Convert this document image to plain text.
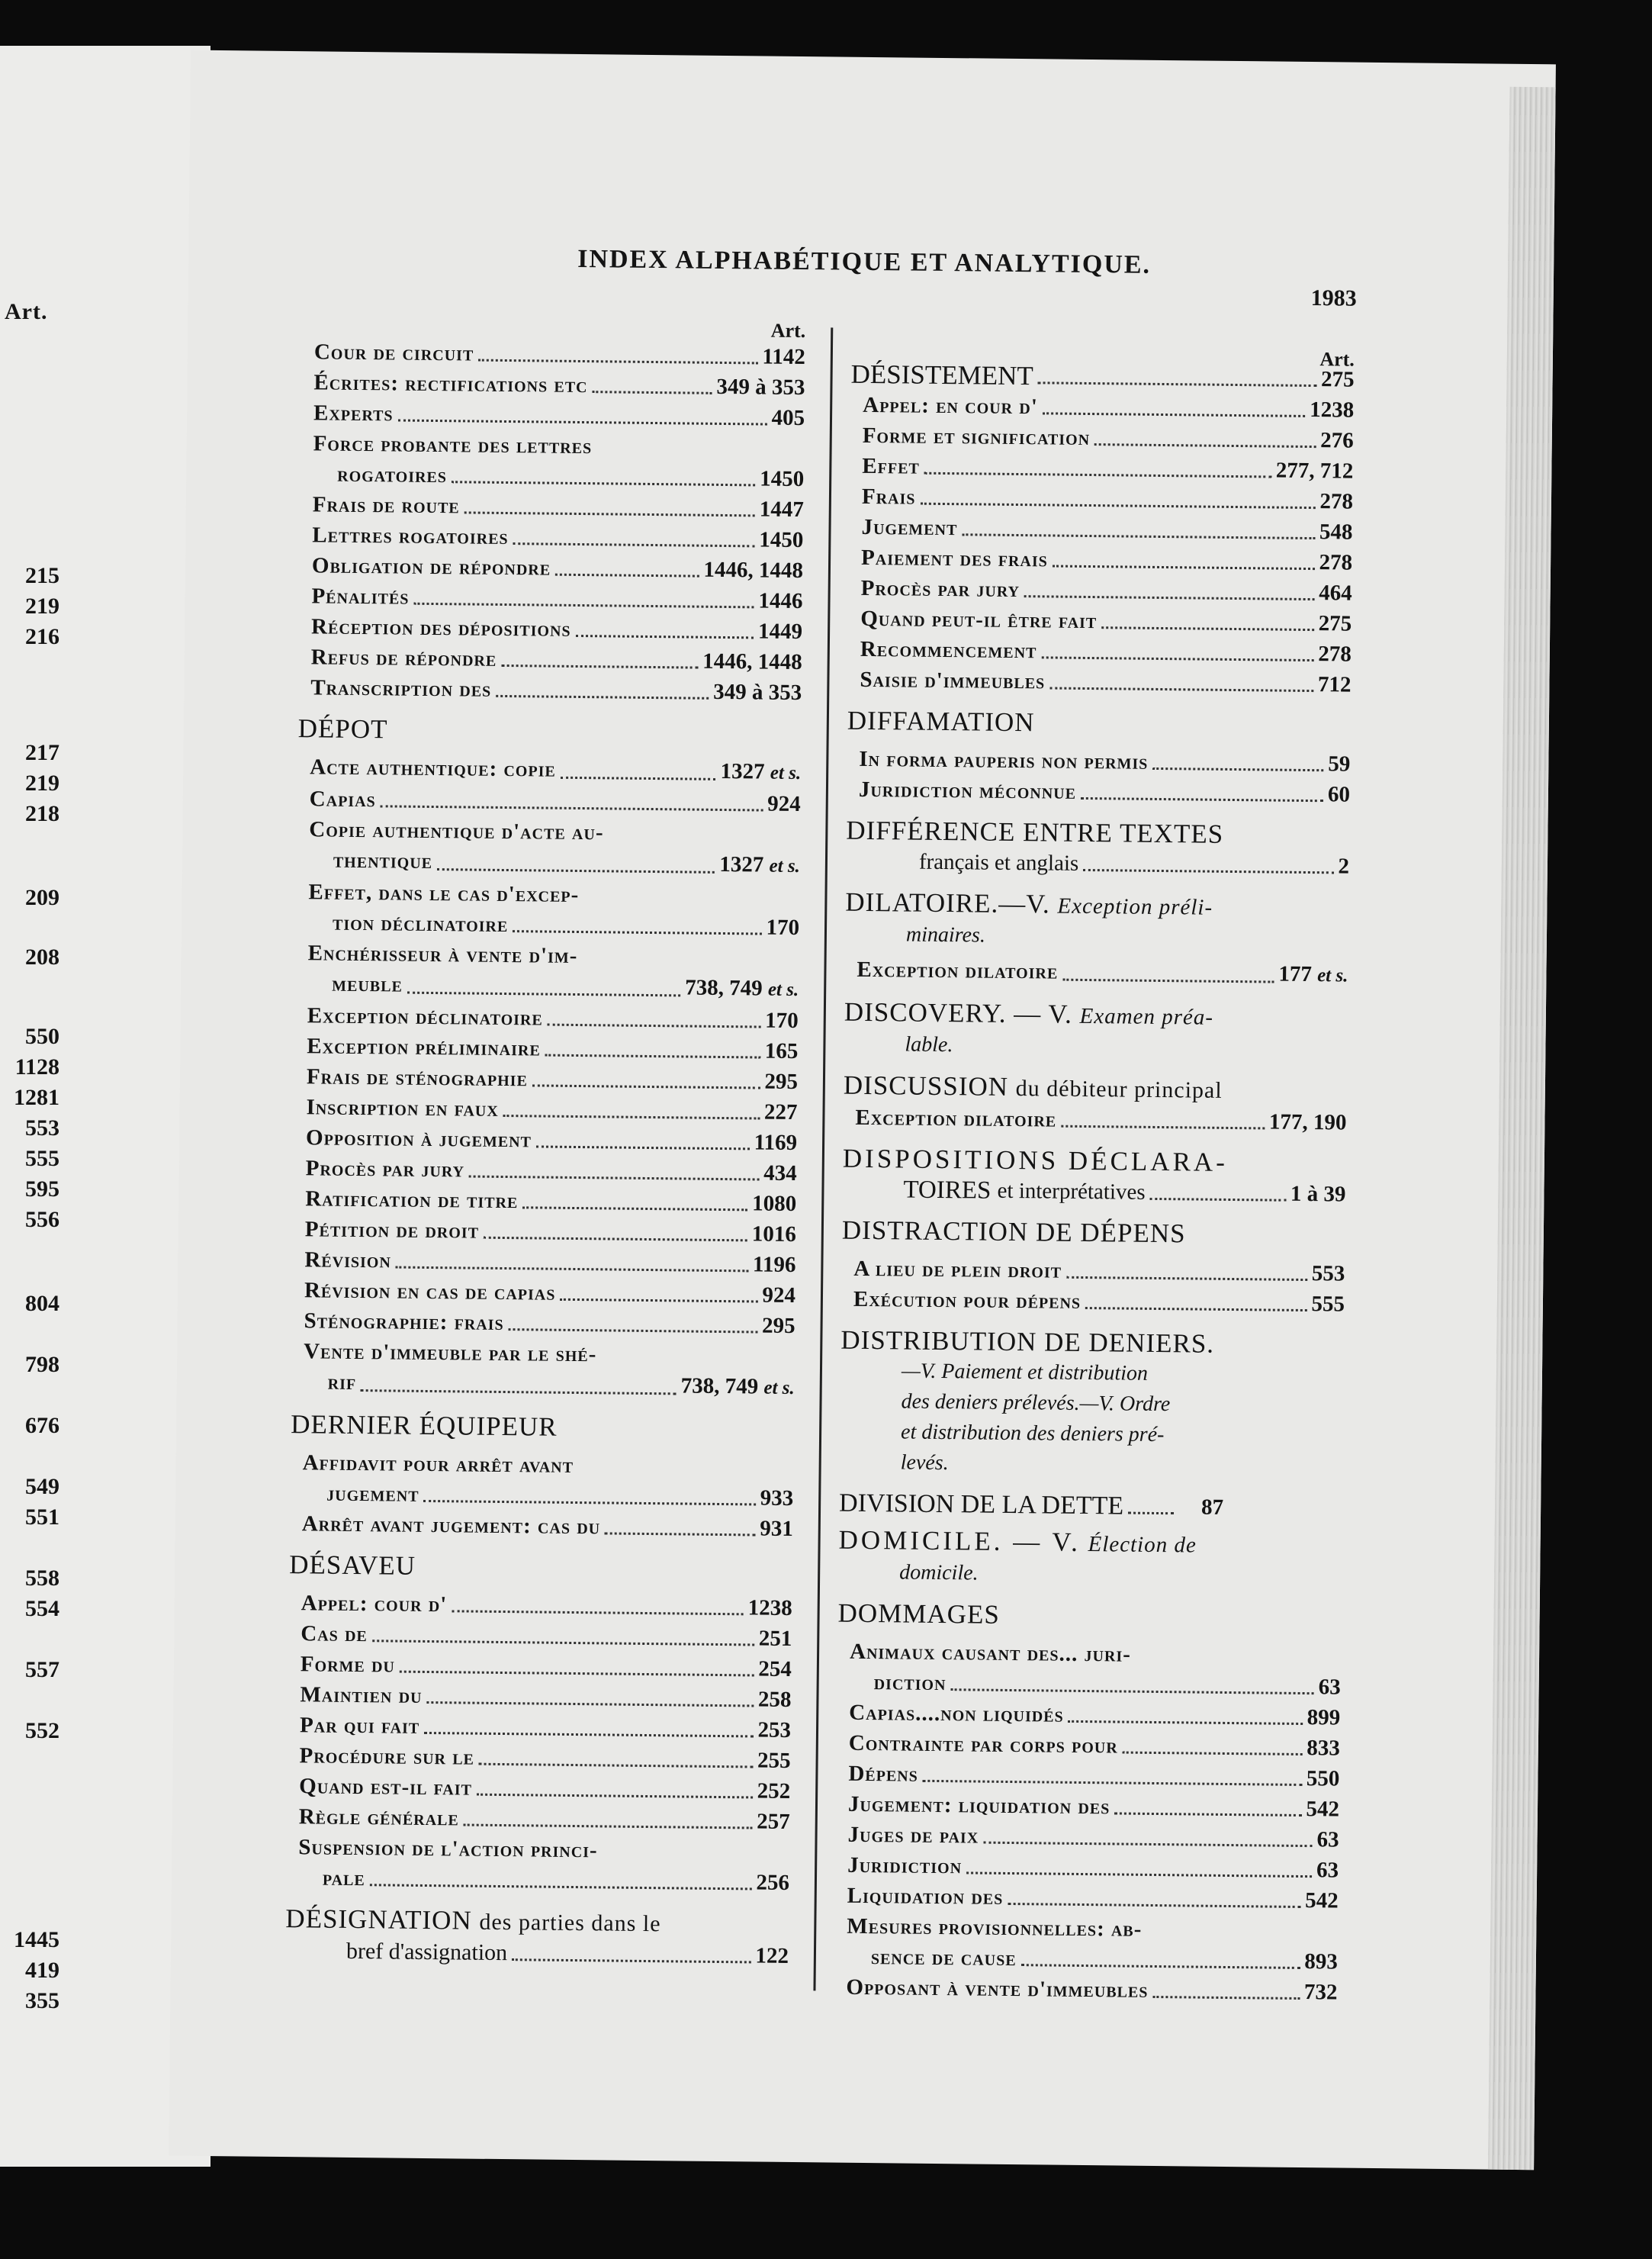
Art.
215
219
216
217
219
218
209
208
550
1128
1281
553
555
595
556
804
798
676
549
551
558
554
557
552
1445
419
355
INDEX ALPHABÉTIQUE ET ANALYTIQUE.
1983
Art.
Cour de circuit	1142
Écrites: rectifications etc	349 à 353
Experts	405
Force probante des lettres
rogatoires	1450
Frais de route	1447
Lettres rogatoires	1450
Obligation de répondre	1446, 1448
Pénalités	1446
Réception des dépositions	1449
Refus de répondre	1446, 1448
Transcription des	349 à 353
DÉPOT
Acte authentique: copie	1327 et s.
Capias	924
Copie authentique d'acte au-
thentique	1327 et s.
Effet, dans le cas d'excep-
tion déclinatoire	170
Enchérisseur à vente d'im-
meuble	738, 749 et s.
Exception déclinatoire	170
Exception préliminaire	165
Frais de sténographie	295
Inscription en faux	227
Opposition à jugement	1169
Procès par jury	434
Ratification de titre	1080
Pétition de droit	1016
Révision	1196
Révision en cas de capias	924
Sténographie: frais	295
Vente d'immeuble par le shé-
rif	738, 749 et s.
DERNIER ÉQUIPEUR
Affidavit pour arrêt avant
jugement	933
Arrêt avant jugement: cas du	931
DÉSAVEU
Appel: cour d'	1238
Cas de	251
Forme du	254
Maintien du	258
Par qui fait	253
Procédure sur le	255
Quand est-il fait	252
Règle générale	257
Suspension de l'action princi-
pale	256
DÉSIGNATION des parties dans le
bref d'assignation	122
Art.
DÉSISTEMENT	275
Appel: en cour d'	1238
Forme et signification	276
Effet	277, 712
Frais	278
Jugement	548
Paiement des frais	278
Procès par jury	464
Quand peut-il être fait	275
Recommencement	278
Saisie d'immeubles	712
DIFFAMATION
In forma pauperis non permis	59
Juridiction méconnue	60
DIFFÉRENCE ENTRE TEXTES
français et anglais	2
DILATOIRE.—V. Exception préli-
minaires.
Exception dilatoire	177 et s.
DISCOVERY. — V. Examen préa-
lable.
DISCUSSION du débiteur principal
Exception dilatoire	177, 190
DISPOSITIONS DÉCLARA-
TOIRES
et interprétatives	1 à 39
DISTRACTION DE DÉPENS
A lieu de plein droit	553
Exécution pour dépens	555
DISTRIBUTION DE DENIERS.
—V. Paiement et distribution
des deniers prélevés.—V. Ordre
et distribution des deniers pré-
levés.
DIVISION DE LA DETTE	87
DOMICILE. — V. Élection de
domicile.
DOMMAGES
Animaux causant des... juri-
diction	63
Capias....non liquidés	899
Contrainte par corps pour	833
Dépens	550
Jugement: liquidation des	542
Juges de paix	63
Juridiction	63
Liquidation des	542
Mesures provisionnelles: ab-
sence de cause	893
Opposant à vente d'immeubles	732
